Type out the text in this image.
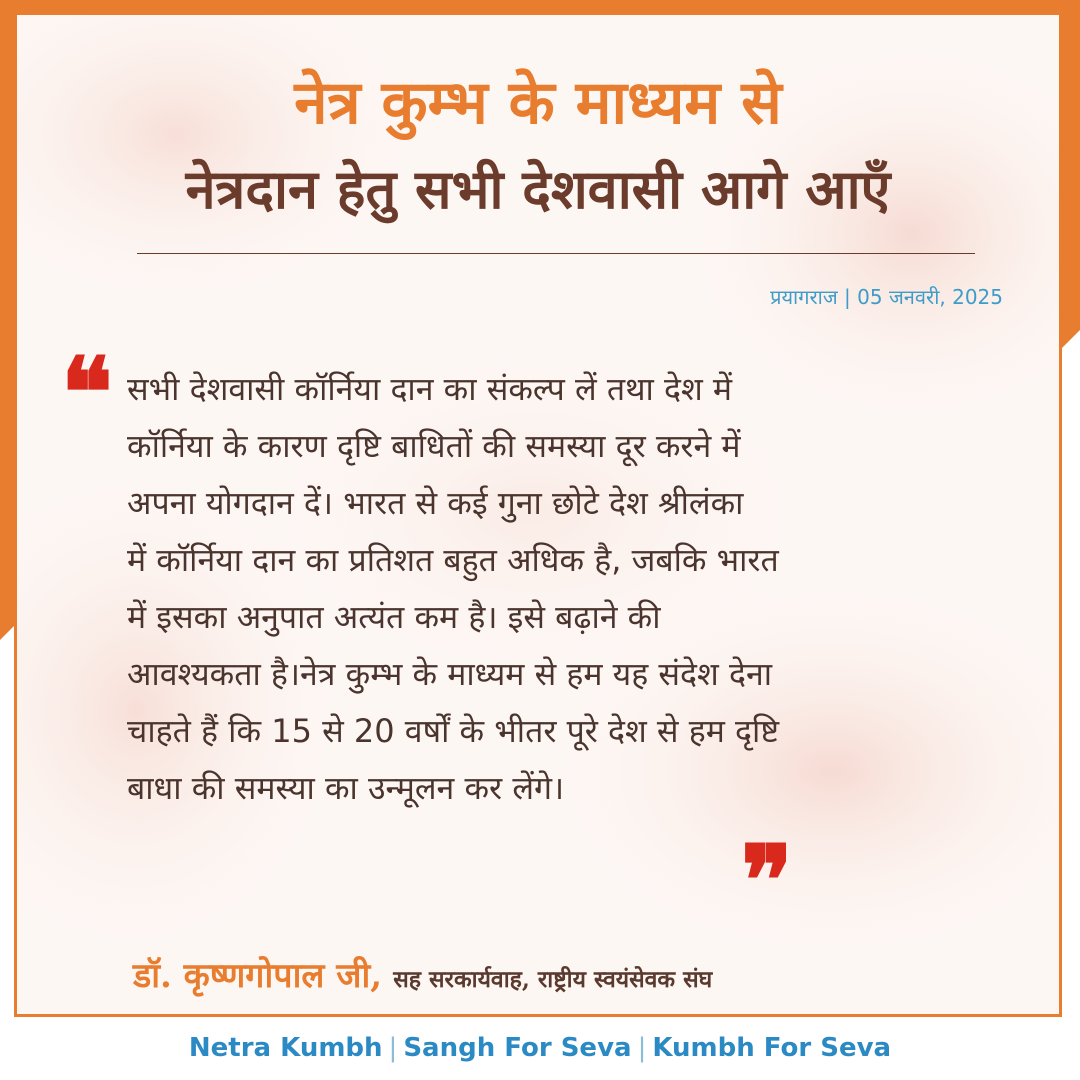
नेत्र कुम्भ के माध्यम से
नेत्रदान हेतु सभी देशवासी आगे आएँ
प्रयागराज | 05 जनवरी, 2025
❝ सभी देशवासी कॉर्निया दान का संकल्प लें तथा देश में
कॉर्निया के कारण दृष्टि बाधितों की समस्या दूर करने में
अपना योगदान दें। भारत से कई गुना छोटे देश श्रीलंका
में कॉर्निया दान का प्रतिशत बहुत अधिक है, जबकि भारत
में इसका अनुपात अत्यंत कम है। इसे बढ़ाने की
आवश्यकता है।नेत्र कुम्भ के माध्यम से हम यह संदेश देना
चाहते हैं कि 15 से 20 वर्षों के भीतर पूरे देश से हम दृष्टि
बाधा की समस्या का उन्मूलन कर लेंगे।

❞
डॉ. कृष्णगोपाल जी, सह सरकार्यवाह, राष्ट्रीय स्वयंसेवक संघ
Netra Kumbh | Sangh For Seva | Kumbh For Seva
